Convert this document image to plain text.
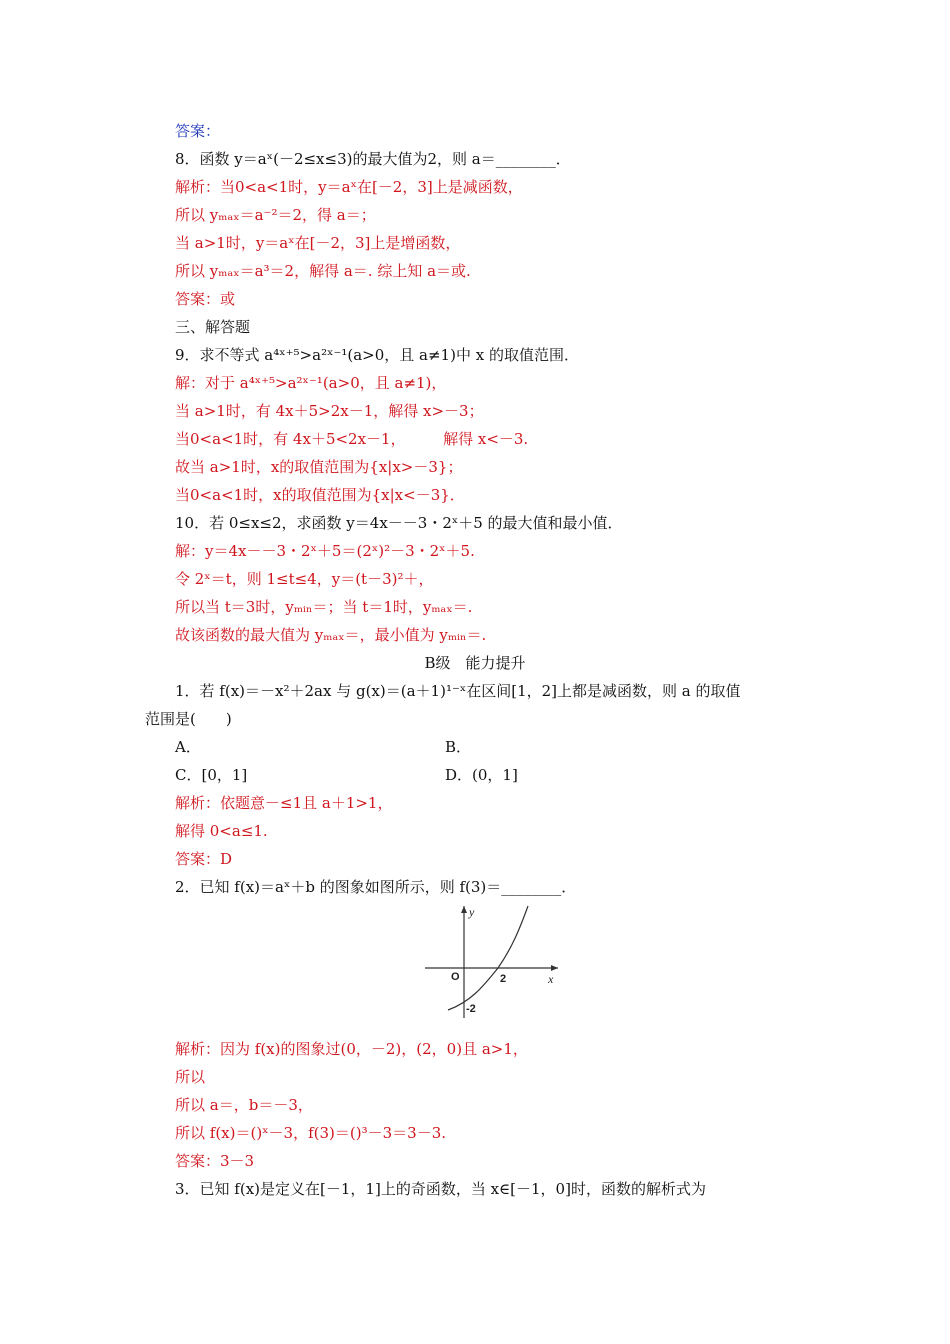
答案：
8．函数 y＝aˣ(－2≤x≤3)的最大值为2，则 a＝________．
解析：当0<a<1时，y＝aˣ在[－2，3]上是减函数，
所以 yₘₐₓ＝a⁻²＝2，得 a＝；
当 a>1时，y＝aˣ在[－2，3]上是增函数，
所以 yₘₐₓ＝a³＝2，解得 a＝. 综上知 a＝或.
答案：或
三、解答题
9．求不等式 a⁴ˣ⁺⁵>a²ˣ⁻¹(a>0，且 a≠1)中 x 的取值范围．
解：对于 a⁴ˣ⁺⁵>a²ˣ⁻¹(a>0，且 a≠1)，
当 a>1时，有 4x＋5>2x－1，解得 x>－3；
当0<a<1时，有 4x＋5<2x－1，　　　解得 x<－3.
故当 a>1时，x的取值范围为{x|x>－3}；
当0<a<1时，x的取值范围为{x|x<－3}．
10．若 0≤x≤2，求函数 y＝4x－－3・2ˣ＋5 的最大值和最小值．
解：y＝4x－－3・2ˣ＋5＝(2ˣ)²－3・2ˣ＋5.
令 2ˣ＝t，则 1≤t≤4，y＝(t－3)²＋，
所以当 t＝3时，yₘᵢₙ＝；当 t＝1时，yₘₐₓ＝.
故该函数的最大值为 yₘₐₓ＝，最小值为 yₘᵢₙ＝.
B级　能力提升
1．若 f(x)＝－x²＋2ax 与 g(x)＝(a＋1)¹⁻ˣ在区间[1，2]上都是减函数，则 a 的取值
范围是(　　)
A．	B．
C．[0，1]	D．(0，1]
解析：依题意－≤1且 a＋1>1，
解得 0<a≤1.
答案：D
2．已知 f(x)＝aˣ＋b 的图象如图所示，则 f(3)＝________．
y
x
O	2
-2
解析：因为 f(x)的图象过(0，－2)，(2，0)且 a>1，
所以
所以 a＝，b＝－3，
所以 f(x)＝()ˣ－3，f(3)＝()³－3＝3－3.
答案：3－3
3．已知 f(x)是定义在[－1，1]上的奇函数，当 x∈[－1，0]时，函数的解析式为
